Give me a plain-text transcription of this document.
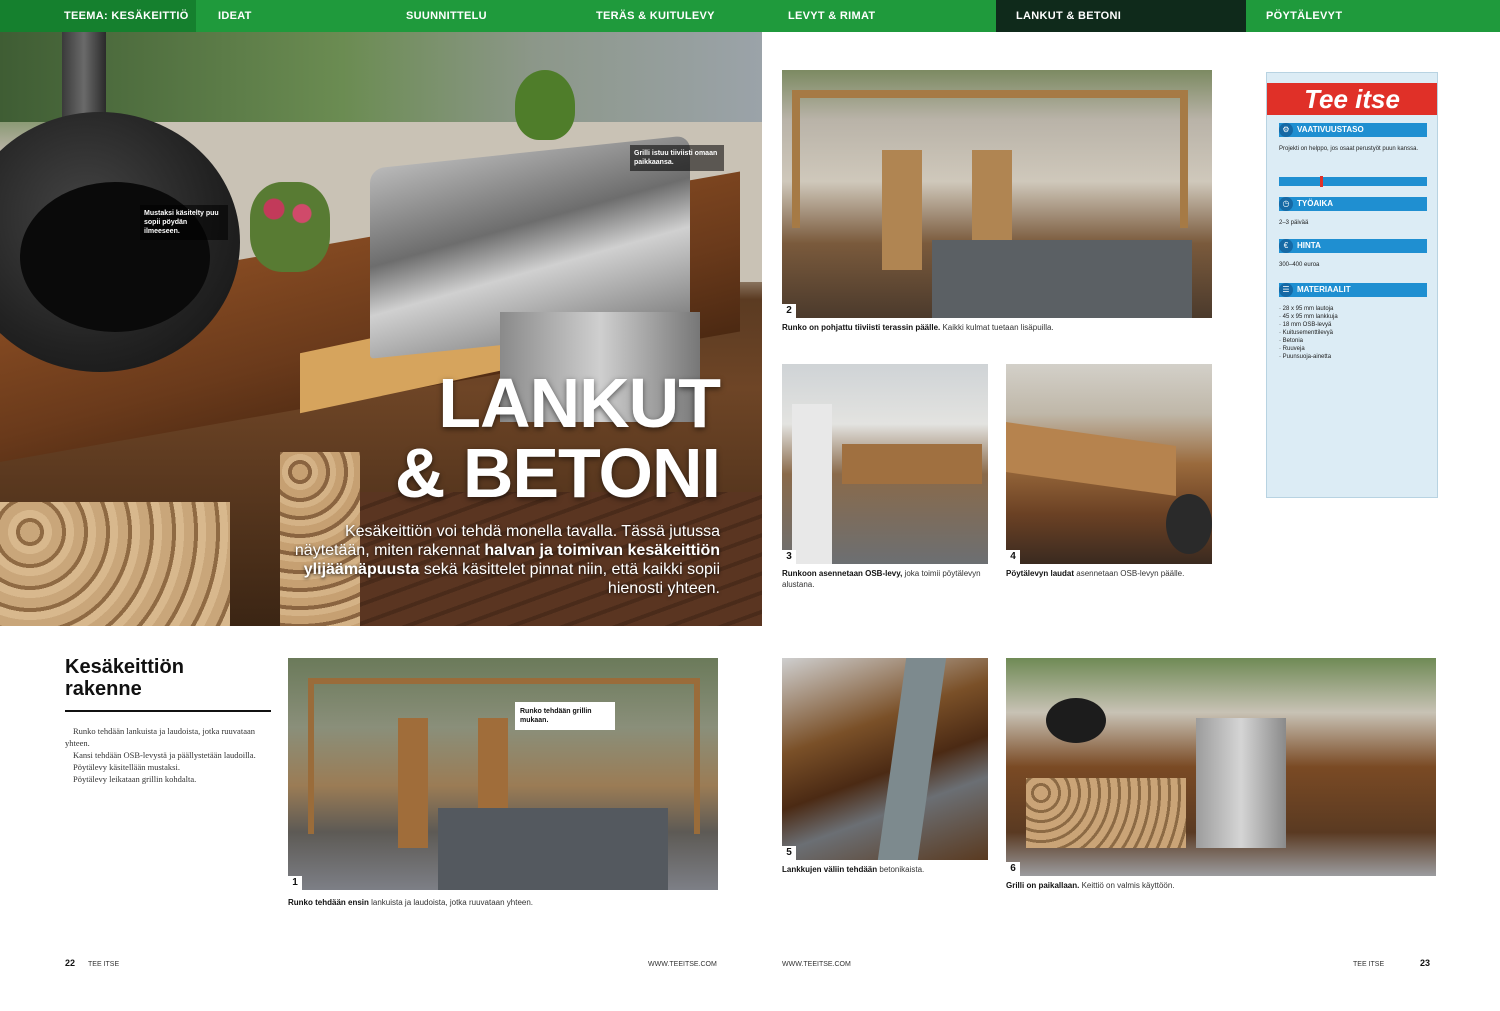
TEEMA: KESÄKEITTIÖ	IDEAT	SUUNNITTELU	TERÄS & KUITULEVY	LEVYT & RIMAT	LANKUT & BETONI	PÖYTÄLEVYT
Mustaksi käsitelty puu sopii pöydän ilmeeseen.
Grilli istuu tiiviisti omaan paikkaansa.
LANKUT
& BETONI
Kesäkeittiön voi tehdä monella tavalla. Tässä jutussa näytetään, miten rakennat halvan ja toimivan kesäkeittiön ylijäämäpuusta sekä käsittelet pinnat niin, että kaikki sopii hienosti yhteen.
Kesäkeittiön rakenne

Runko tehdään lankuista ja laudoista, jotka ruuvataan yhteen.

Kansi tehdään OSB-levystä ja päällystetään laudoilla.

Pöytälevy käsitellään mustaksi.

Pöytälevy leikataan grillin kohdalta.

1
Runko tehdään grillin mukaan.
Runko tehdään ensin lankuista ja laudoista, jotka ruuvataan yhteen.
22 TEE ITSE	WWW.TEEITSE.COM
2
Runko on pohjattu tiiviisti terassin päälle. Kaikki kulmat tuetaan lisäpuilla.
3
Runkoon asennetaan OSB-levy, joka toimii pöytälevyn alustana.
4
Pöytälevyn laudat asennetaan OSB-levyn päälle.
5
Lankkujen väliin tehdään betonikaista.	6
Grilli on paikallaan. Keittiö on valmis käyttöön.
Tee itse
VAATIVUUSTASO
⚙
Projekti on helppo, jos osaat perustyöt puun kanssa.
TYÖAIKA
◷
2–3 päivää
HINTA
€
300–400 euroa
MATERIAALIT
☰
· 28 x 95 mm lautoja
· 45 x 95 mm lankkuja
· 18 mm OSB-levyä
· Kuitusementtilevyä
· Betonia
· Ruuveja
· Puunsuoja-ainetta
WWW.TEEITSE.COM	TEE ITSE	23
